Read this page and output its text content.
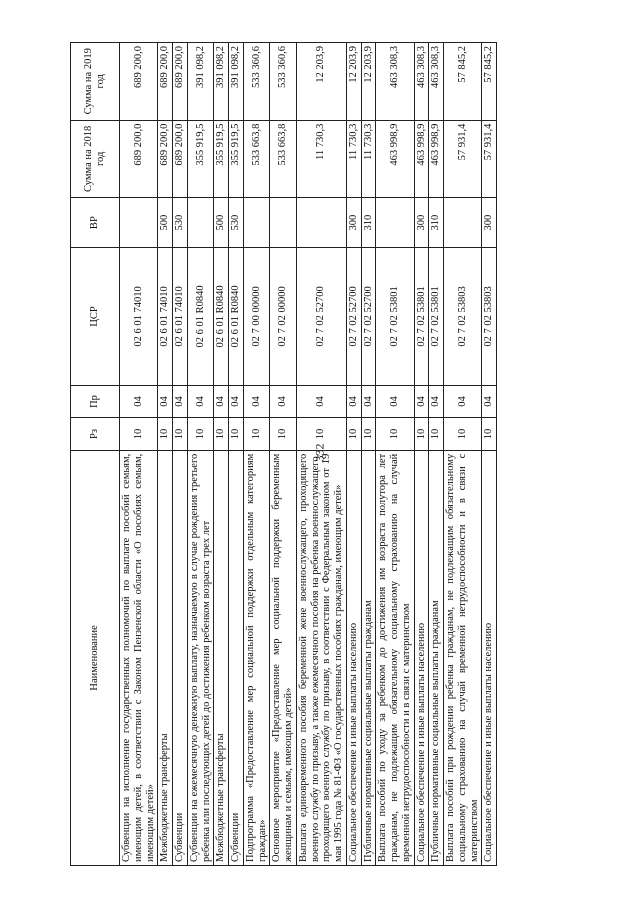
332
Наименование	Рз	Пр	ЦСР	ВР	Сумма на 2018 год	Сумма на 2019 год
Субвенции на исполнение государственных полномочий по выплате пособий семьям, имеющим детей, в соответствии с Законом Пензенской области «О пособиях семьям, имеющим детей»	10	04	02 6 01 74010		689 200,0	689 200,0
Межбюджетные трансферты	10	04	02 6 01 74010	500	689 200,0	689 200,0
Субвенции	10	04	02 6 01 74010	530	689 200,0	689 200,0
Субвенции на ежемесячную денежную выплату, назначаемую в случае рождения третьего ребенка или последующих детей до достижения ребенком возраста трех лет	10	04	02 6 01 R0840		355 919,5	391 098,2
Межбюджетные трансферты	10	04	02 6 01 R0840	500	355 919,5	391 098,2
Субвенции	10	04	02 6 01 R0840	530	355 919,5	391 098,2
Подпрограмма «Предоставление мер социальной поддержки отдельным категориям граждан»	10	04	02 7 00 00000		533 663,8	533 360,6
Основное мероприятие «Предоставление мер социальной поддержки беременным женщинам и семьям, имеющим детей»	10	04	02 7 02 00000		533 663,8	533 360,6
Выплата единовременного пособия беременной жене военнослужащего, проходящего военную службу по призыву, а также ежемесячного пособия на ребенка военнослужащего, проходящего военную службу по призыву, в соответствии с Федеральным законом от 19 мая 1995 года № 81-ФЗ «О государственных пособиях гражданам, имеющим детей»	10	04	02 7 02 52700		11 730,3	12 203,9
Социальное обеспечение и иные выплаты населению	10	04	02 7 02 52700	300	11 730,3	12 203,9
Публичные нормативные социальные выплаты гражданам	10	04	02 7 02 52700	310	11 730,3	12 203,9
Выплата пособий по уходу за ребенком до достижения им возраста полутора лет гражданам, не подлежащим обязательному социальному страхованию на случай временной нетрудоспособности и в связи с материнством	10	04	02 7 02 53801		463 998,9	463 308,3
Социальное обеспечение и иные выплаты населению	10	04	02 7 02 53801	300	463 998,9	463 308,3
Публичные нормативные социальные выплаты гражданам	10	04	02 7 02 53801	310	463 998,9	463 308,3
Выплата пособий при рождении ребенка гражданам, не подлежащим обязательному социальному страхованию на случай временной нетрудоспособности и в связи с материнством	10	04	02 7 02 53803		57 931,4	57 845,2
Социальное обеспечение и иные выплаты населению	10	04	02 7 02 53803	300	57 931,4	57 845,2
